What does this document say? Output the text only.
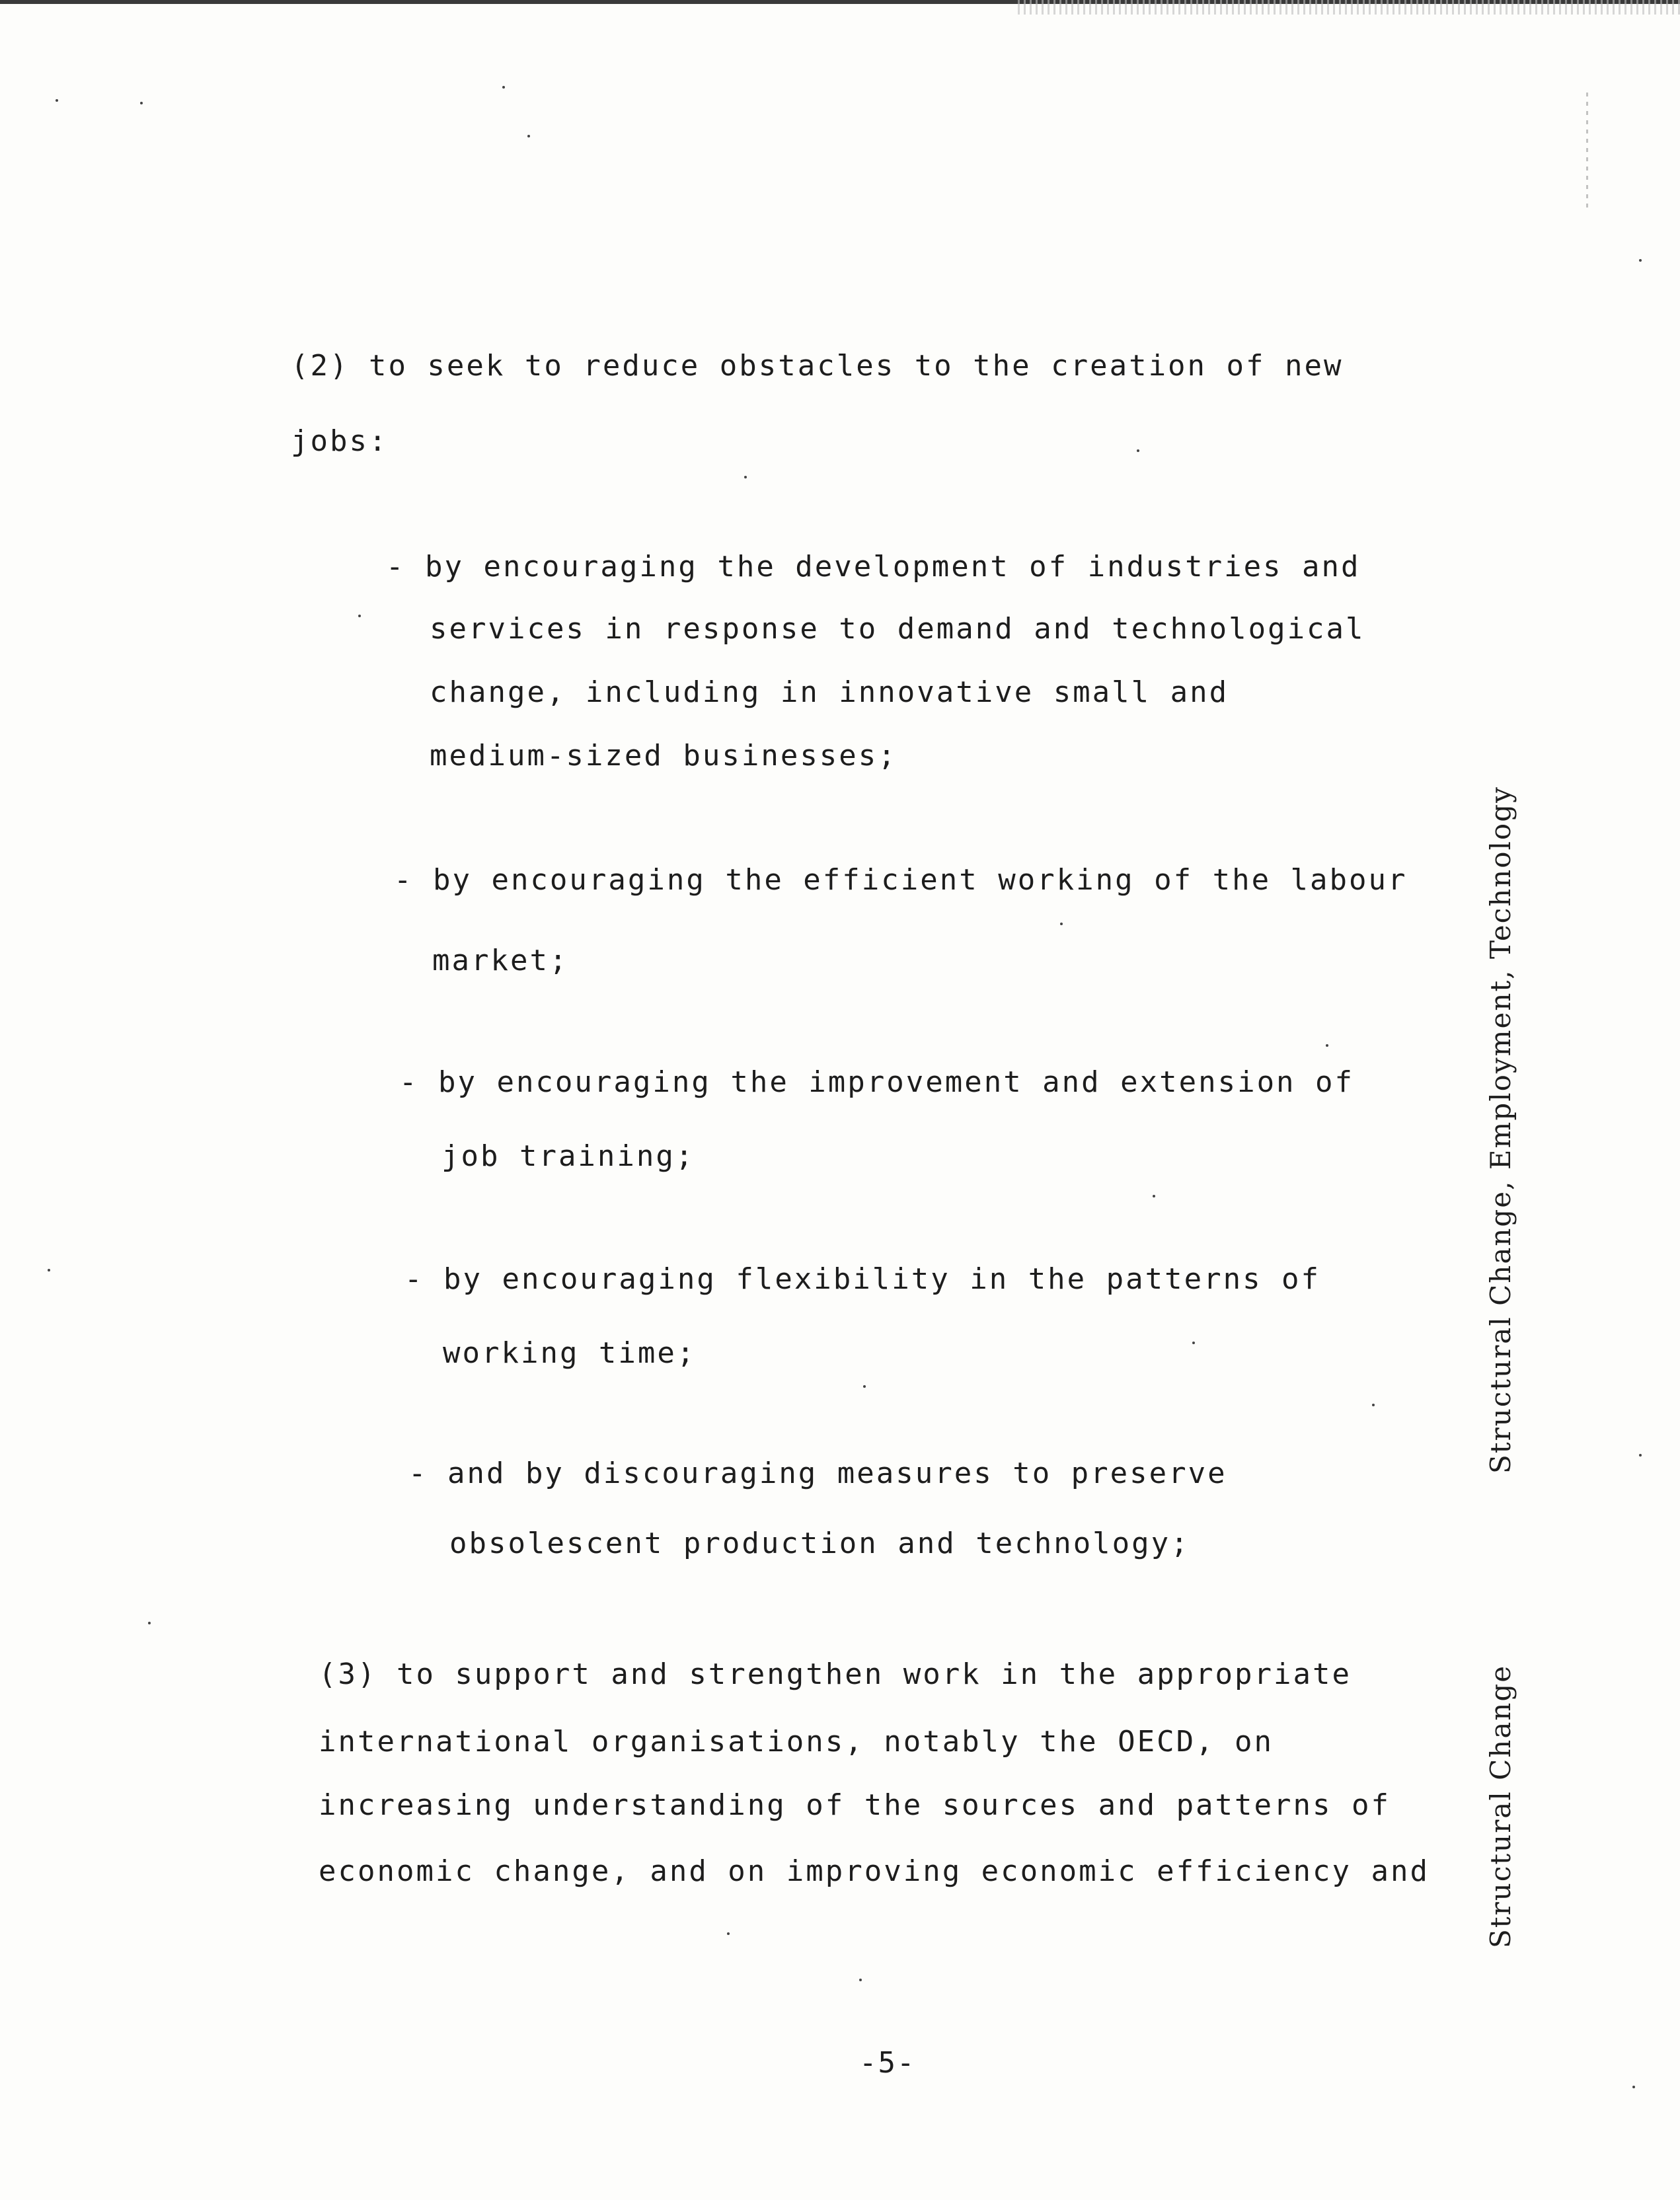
(2) to seek to reduce obstacles to the creation of new
jobs:
- by encouraging the development of industries and
services in response to demand and technological
change, including in innovative small and
medium-sized businesses;
- by encouraging the efficient working of the labour
market;
- by encouraging the improvement and extension of
job training;
- by encouraging flexibility in the patterns of
working time;
- and by discouraging measures to preserve
obsolescent production and technology;
(3) to support and strengthen work in the appropriate
international organisations, notably the OECD, on
increasing understanding of the sources and patterns of
economic change, and on improving economic efficiency and
-5-
Structural Change, Employment, Technology
Structural Change
